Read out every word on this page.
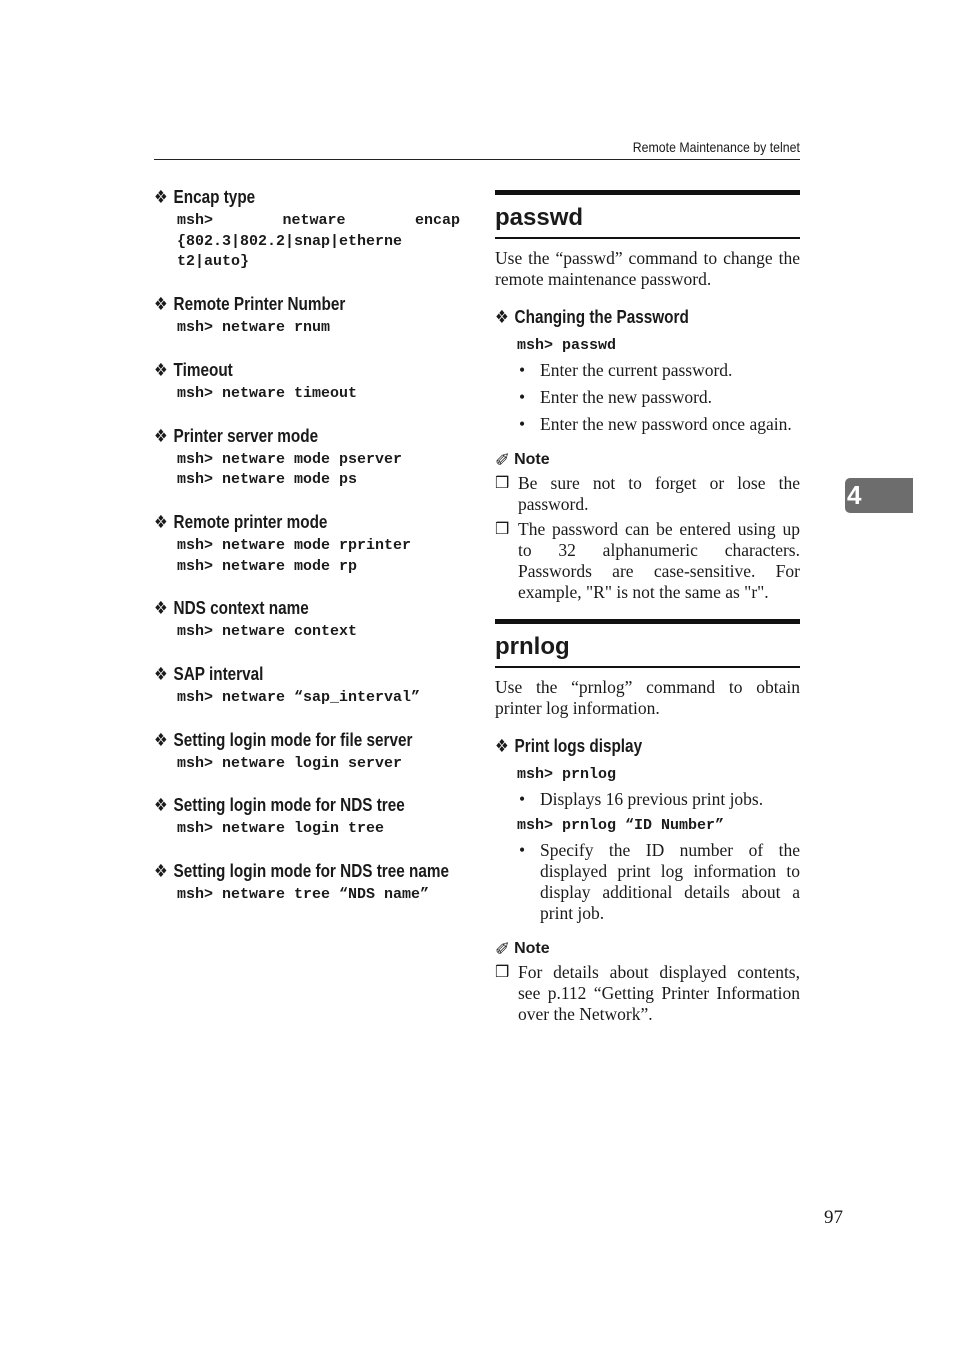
Remote Maintenance by telnet
❖ Encap type
msh> netware encap
{802.3|802.2|snap|etherne
t2|auto}
❖ Remote Printer Number
msh> netware rnum
❖ Timeout
msh> netware timeout
❖ Printer server mode
msh> netware mode pserver
msh> netware mode ps
❖ Remote printer mode
msh> netware mode rprinter
msh> netware mode rp
❖ NDS context name
msh> netware context
❖ SAP interval
msh> netware “sap_interval”
❖ Setting login mode for file server
msh> netware login server
❖ Setting login mode for NDS tree
msh> netware login tree
❖ Setting login mode for NDS tree name
msh> netware tree “NDS name”
passwd
Use the “passwd” command to change the remote maintenance password.
❖ Changing the Password
msh> passwd
• Enter the current password.
• Enter the new password.
• Enter the new password once again.
✐ Note
❒ Be sure not to forget or lose the password.
❒ The password can be entered using up to 32 alphanumeric characters. Passwords are case-sensitive. For example, "R" is not the same as "r".
prnlog
Use the “prnlog” command to obtain printer log information.
❖ Print logs display
msh> prnlog
• Displays 16 previous print jobs.
msh> prnlog “ID Number”
• Specify the ID number of the displayed print log information to display additional details about a print job.
✐ Note
❒ For details about displayed contents, see p.112 “Getting Printer Information over the Network”.
4
97
